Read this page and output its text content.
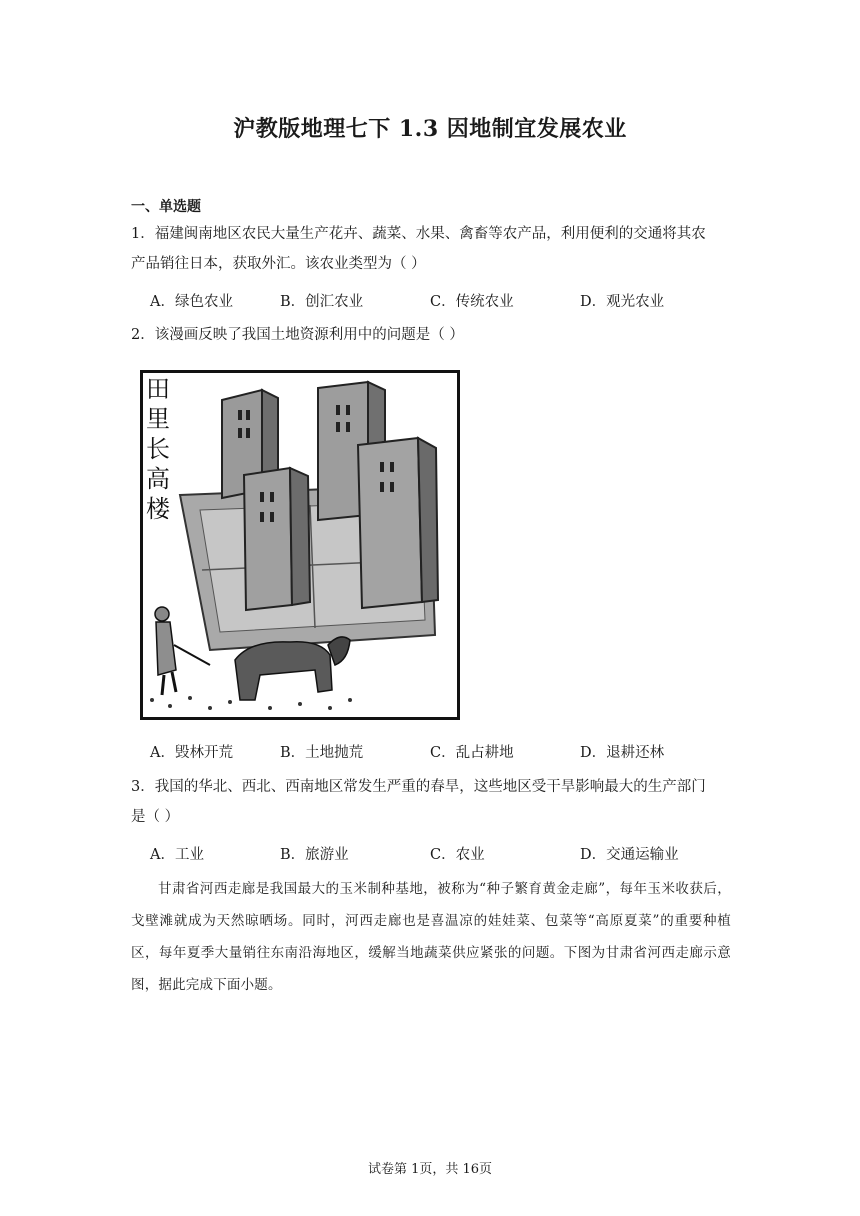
沪教版地理七下 1.3 因地制宜发展农业
一、单选题
1．福建闽南地区农民大量生产花卉、蔬菜、水果、禽畜等农产品，利用便利的交通将其农
产品销往日本，获取外汇。该农业类型为（ ）
A．绿色农业	B．创汇农业	C．传统农业	D．观光农业
2．该漫画反映了我国土地资源利用中的问题是（ ）
田
里
长
高
楼
A．毁林开荒	B．土地抛荒	C．乱占耕地	D．退耕还林
3．我国的华北、西北、西南地区常发生严重的春旱，这些地区受干旱影响最大的生产部门
是（ ）
A．工业	B．旅游业	C．农业	D．交通运输业
甘肃省河西走廊是我国最大的玉米制种基地，被称为“种子繁育黄金走廊”，每年玉米收获后，戈壁滩就成为天然晾晒场。同时，河西走廊也是喜温凉的娃娃菜、包菜等“高原夏菜”的重要种植区，每年夏季大量销往东南沿海地区，缓解当地蔬菜供应紧张的问题。下图为甘肃省河西走廊示意图，据此完成下面小题。
试卷第 1页，共 16页
